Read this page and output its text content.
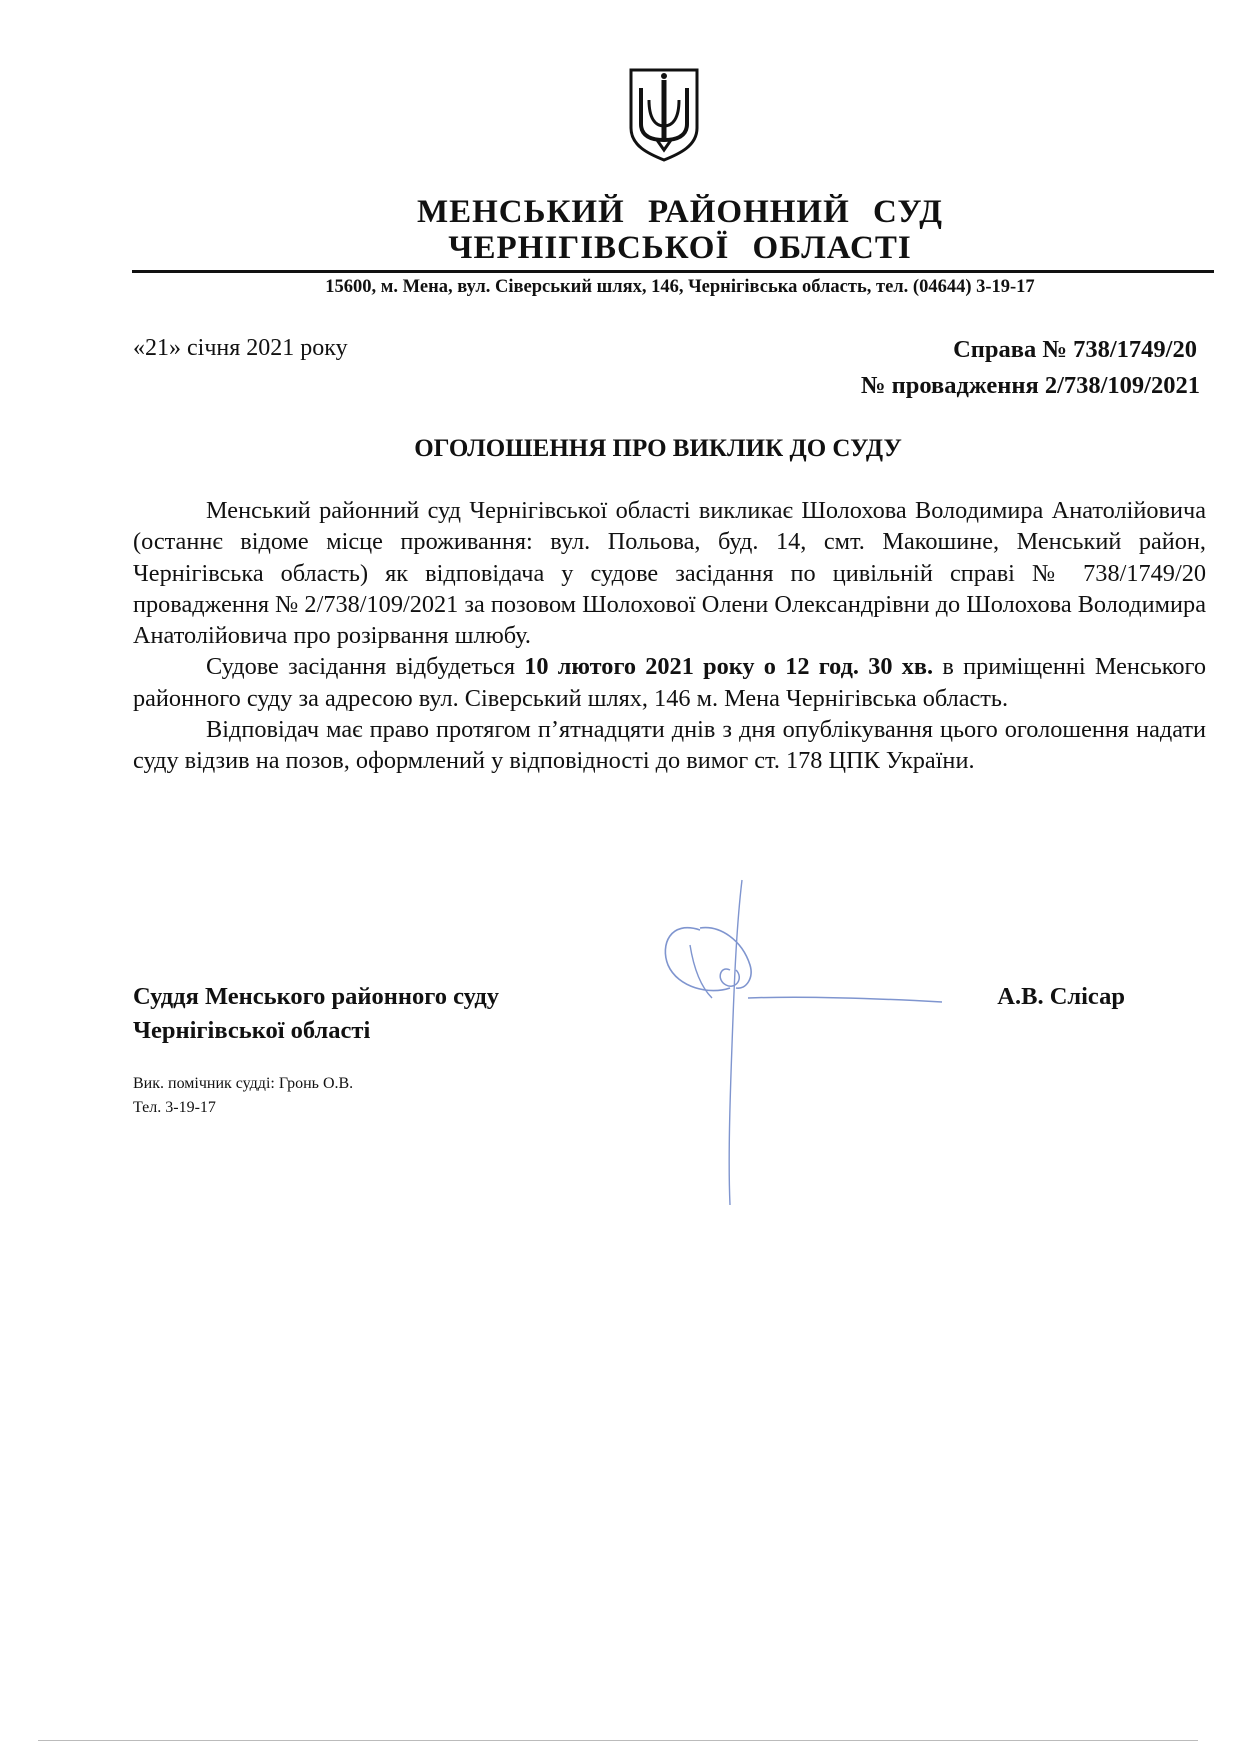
МЕНСЬКИЙ РАЙОННИЙ СУД
ЧЕРНІГІВСЬКОЇ ОБЛАСТІ
15600, м. Мена, вул. Сіверський шлях, 146, Чернігівська область, тел. (04644) 3-19-17
«21» січня 2021 року	Справа № 738/1749/20
№ провадження 2/738/109/2021
ОГОЛОШЕННЯ ПРО ВИКЛИК ДО СУДУ

Менський районний суд Чернігівської області викликає Шолохова Володимира Анатолійовича (останнє відоме місце проживання: вул. Польова, буд. 14, смт. Макошине, Менський район, Чернігівська область) як відповідача у судове засідання по цивільній справі № 738/1749/20 провадження № 2/738/109/2021 за позовом Шолохової Олени Олександрівни до Шолохова Володимира Анатолійовича про розірвання шлюбу.

Судове засідання відбудеться 10 лютого 2021 року о 12 год. 30 хв. в приміщенні Менського районного суду за адресою вул. Сіверський шлях, 146 м. Мена Чернігівська область.

Відповідач має право протягом п’ятнадцяти днів з дня опублікування цього оголошення надати суду відзив на позов, оформлений у відповідності до вимог ст. 178 ЦПК України.

Суддя Менського районного суду
Чернігівської області
А.В. Слісар
Вик. помічник судді: Гронь О.В.
Тел. 3-19-17
